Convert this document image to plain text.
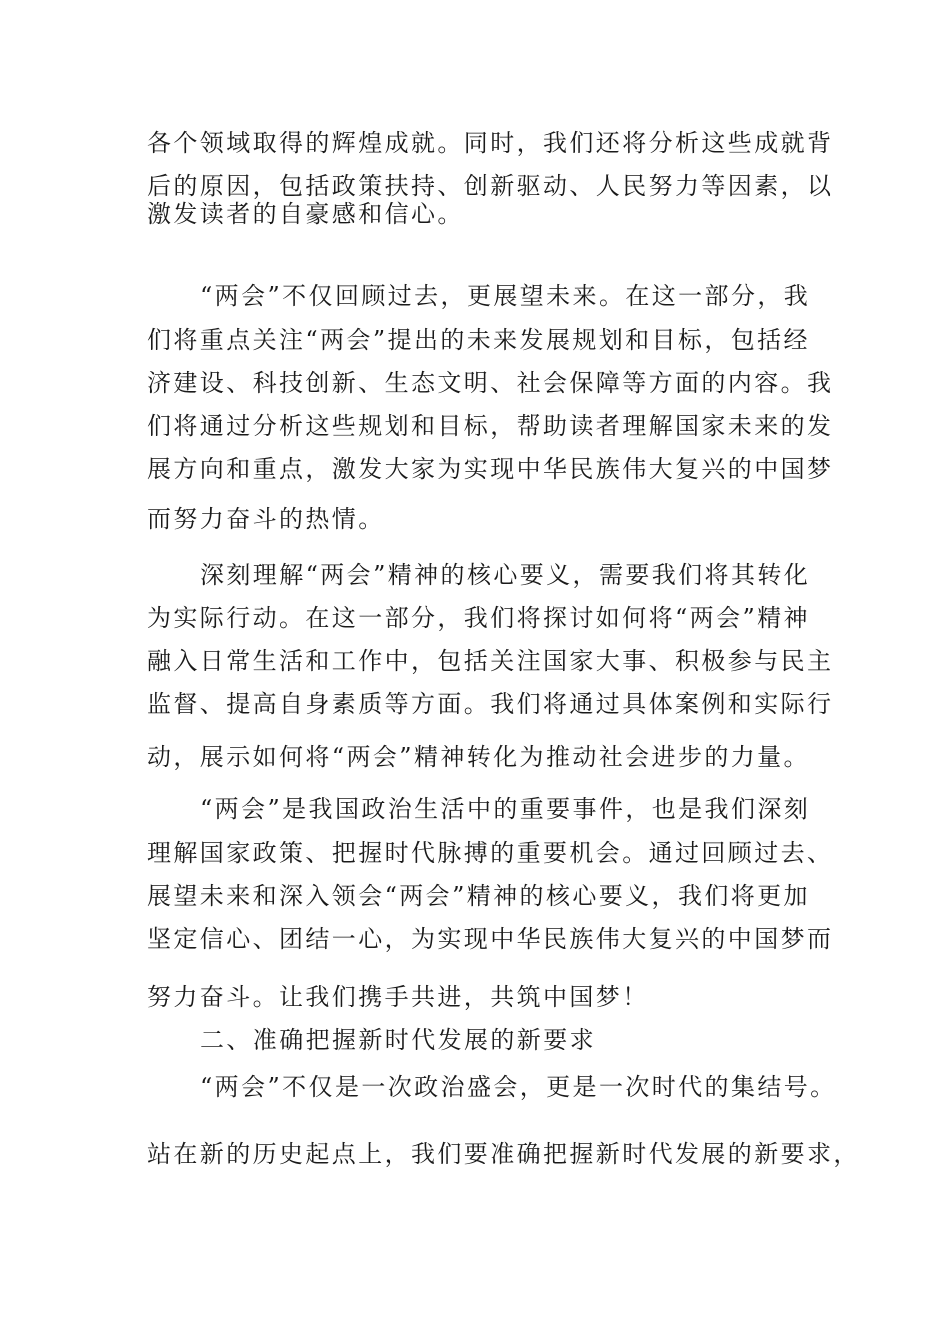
各个领域取得的辉煌成就。同时，我们还将分析这些成就背
后的原因，包括政策扶持、创新驱动、人民努力等因素，以
激发读者的自豪感和信心。
“两会”不仅回顾过去，更展望未来。在这一部分，我
们将重点关注“两会”提出的未来发展规划和目标，包括经
济建设、科技创新、生态文明、社会保障等方面的内容。我
们将通过分析这些规划和目标，帮助读者理解国家未来的发
展方向和重点，激发大家为实现中华民族伟大复兴的中国梦
而努力奋斗的热情。
深刻理解“两会”精神的核心要义，需要我们将其转化
为实际行动。在这一部分，我们将探讨如何将“两会”精神
融入日常生活和工作中，包括关注国家大事、积极参与民主
监督、提高自身素质等方面。我们将通过具体案例和实际行
动，展示如何将“两会”精神转化为推动社会进步的力量。
“两会”是我国政治生活中的重要事件，也是我们深刻
理解国家政策、把握时代脉搏的重要机会。通过回顾过去、
展望未来和深入领会“两会”精神的核心要义，我们将更加
坚定信心、团结一心，为实现中华民族伟大复兴的中国梦而
努力奋斗。让我们携手共进，共筑中国梦！
二、准确把握新时代发展的新要求
“两会”不仅是一次政治盛会，更是一次时代的集结号。
站在新的历史起点上，我们要准确把握新时代发展的新要求，
